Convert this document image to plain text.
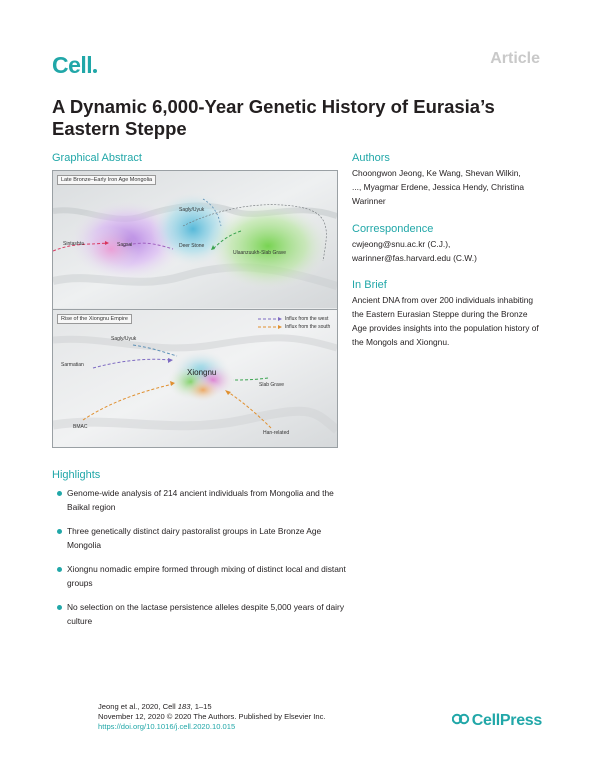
Cell	Article
A Dynamic 6,000-Year Genetic History of Eurasia’s Eastern Steppe
Graphical Abstract
Late Bronze–Early Iron Age Mongolia
Sagly/Uyuk
Sagsai	Deer Stone
Ulaanzuukh-Slab Grave
Sintashta
Rise of the Xiongnu Empire	Influx from the west
Influx from the south
Sagly/Uyuk
Sarmatian
Xiongnu
Slab Grave
BMAC
Han-related
Authors
Choongwon Jeong, Ke Wang, Shevan Wilkin, ..., Myagmar Erdene, Jessica Hendy, Christina Warinner
Correspondence
cwjeong@snu.ac.kr (C.J.),
warinner@fas.harvard.edu (C.W.)
In Brief
Ancient DNA from over 200 individuals inhabiting the Eastern Eurasian Steppe during the Bronze Age provides insights into the population history of the Mongols and Xiongnu.
Highlights
Genome-wide analysis of 214 ancient individuals from Mongolia and the Baikal region
Three genetically distinct dairy pastoralist groups in Late Bronze Age Mongolia
Xiongnu nomadic empire formed through mixing of distinct local and distant groups
No selection on the lactase persistence alleles despite 5,000 years of dairy culture
Jeong et al., 2020, Cell 183, 1–15
November 12, 2020 © 2020 The Authors. Published by Elsevier Inc.
https://doi.org/10.1016/j.cell.2020.10.015	CellPress
